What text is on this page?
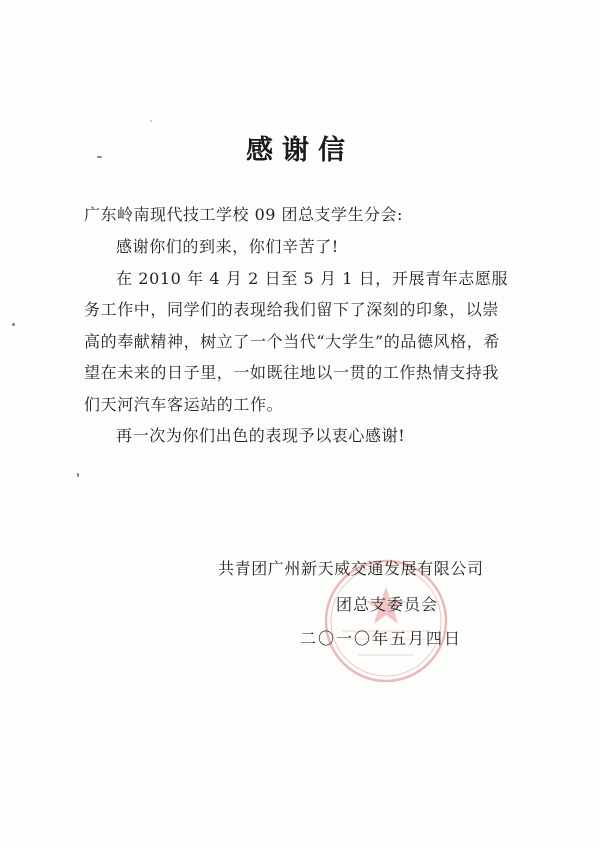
感谢信
广东岭南现代技工学校 09 团总支学生分会:

感谢你们的到来，你们辛苦了!

在 2010 年 4 月 2 日至 5 月 1 日，开展青年志愿服务工作中，同学们的表现给我们留下了深刻的印象，以崇高的奉献精神，树立了一个当代“大学生”的品德风格，希望在未来的日子里，一如既往地以一贯的工作热情支持我们天河汽车客运站的工作。

再一次为你们出色的表现予以衷心感谢!

共青团广州新天威交通发展有限公司
团总支委员会
二〇一〇年五月四日
